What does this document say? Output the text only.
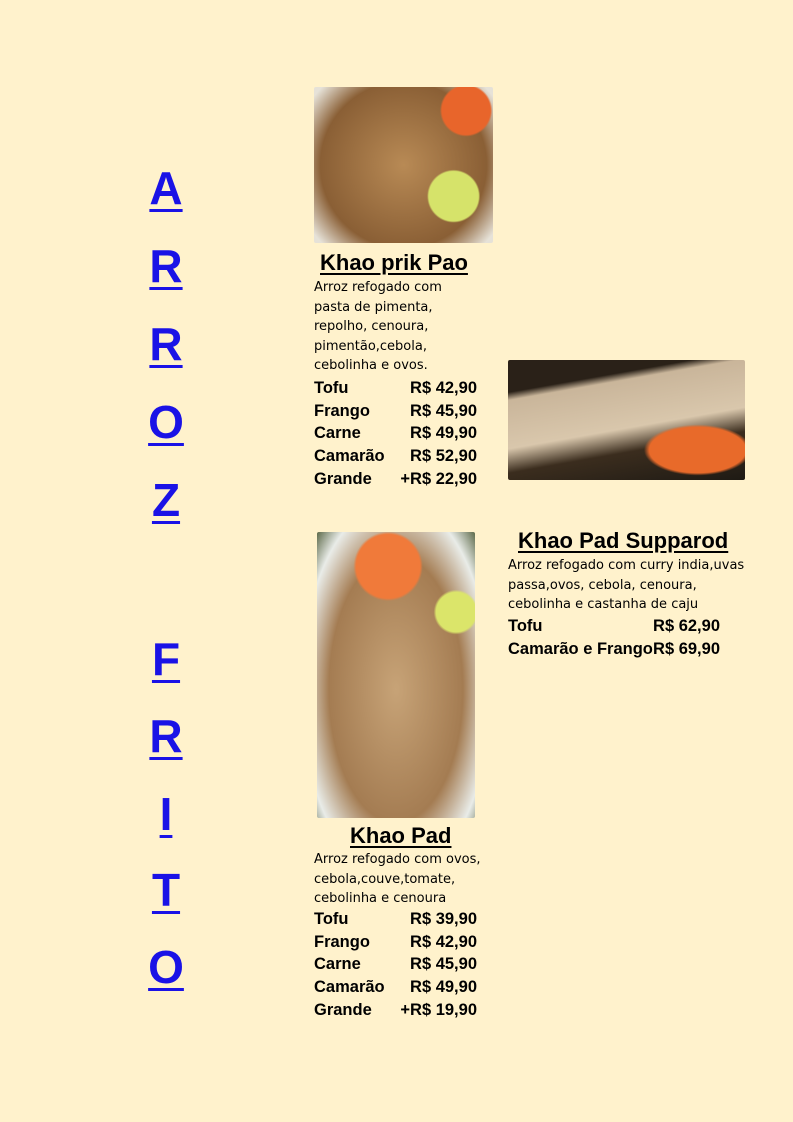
A
R
R
O
Z
F
R
I
T
O
Khao prik Pao
Arroz refogado com
pasta de pimenta,
repolho, cenoura,
pimentão,cebola,
cebolinha e ovos.
Tofu	R$ 42,90
Frango	R$ 45,90
Carne	R$ 49,90
Camarão	R$ 52,90
Grande	+R$ 22,90
Khao Pad Supparod
Arroz refogado com curry india,uvas
passa,ovos, cebola, cenoura,
cebolinha e castanha de caju
Tofu	R$ 62,90
Camarão e Frango R$ 69,90
Khao Pad
Arroz refogado com ovos,
cebola,couve,tomate,
cebolinha e cenoura
Tofu	R$ 39,90
Frango	R$ 42,90
Carne	R$ 45,90
Camarão	R$ 49,90
Grande	+R$ 19,90
